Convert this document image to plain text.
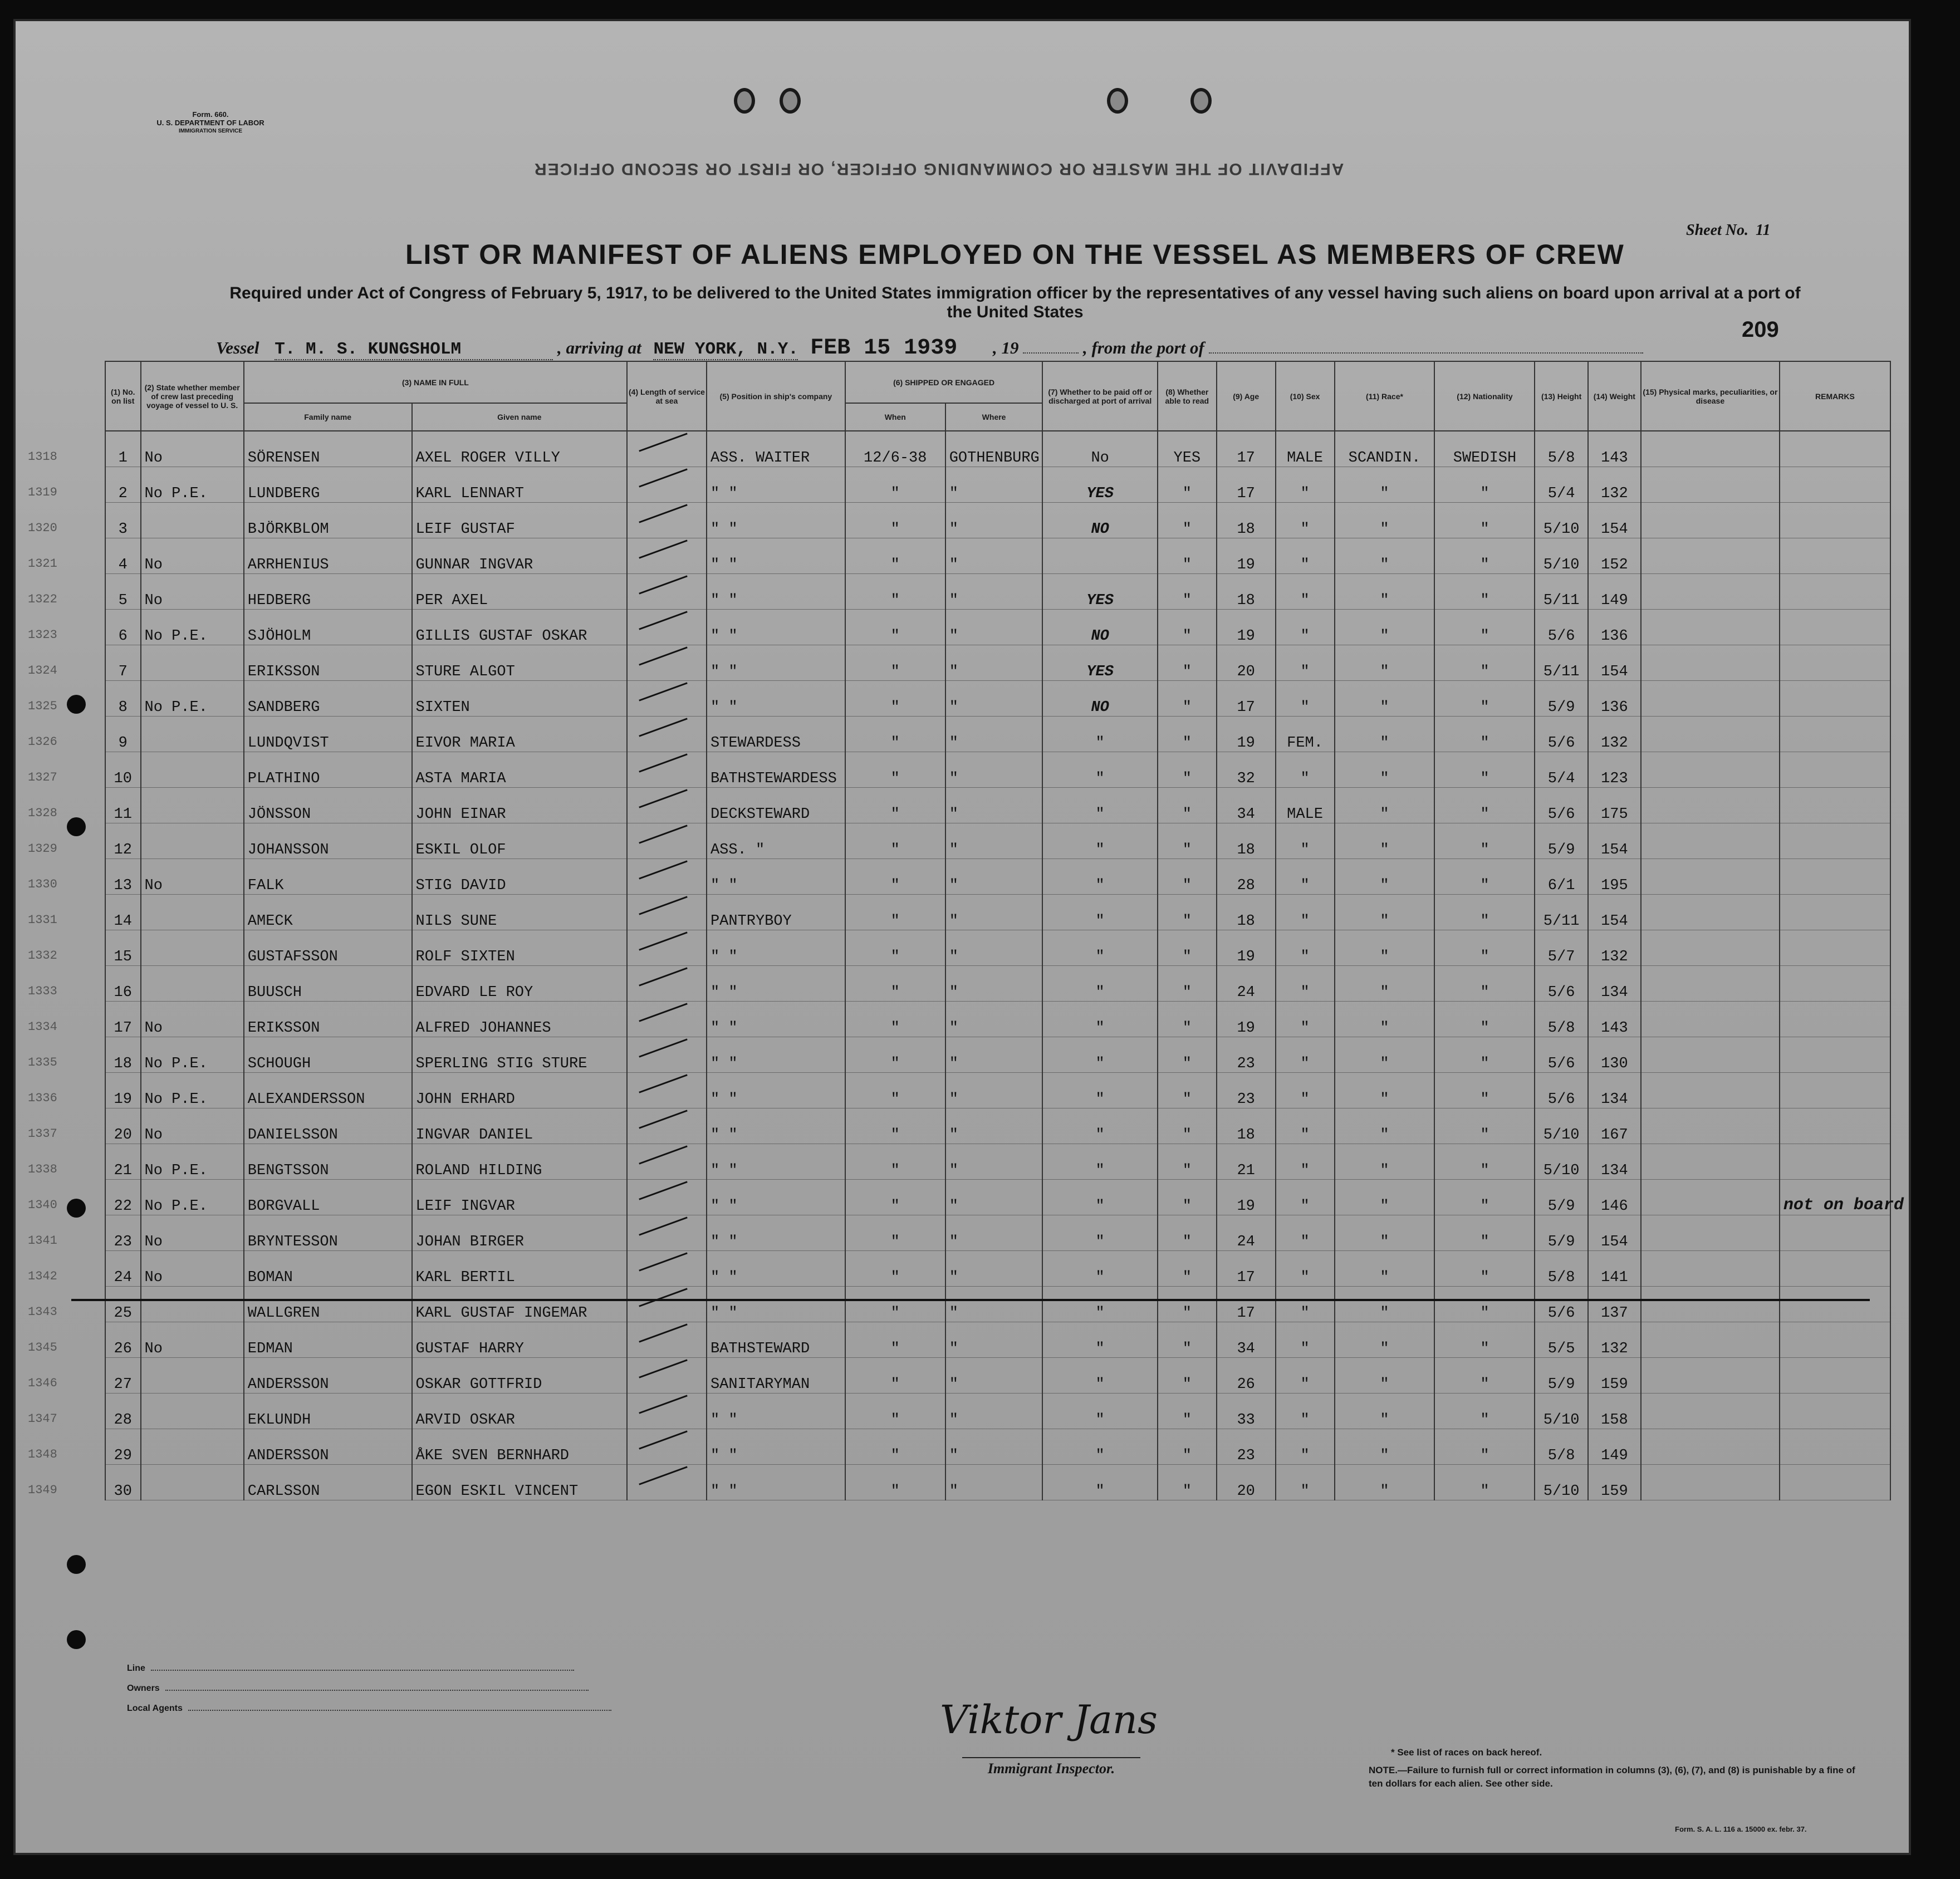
Form. 660.
U. S. DEPARTMENT OF LABOR
IMMIGRATION SERVICE
AFFIDAVIT OF THE MASTER OR COMMANDING OFFICER, OR FIRST OR SECOND OFFICER
Sheet No. 11
LIST OR MANIFEST OF ALIENS EMPLOYED ON THE VESSEL AS MEMBERS OF CREW
Required under Act of Congress of February 5, 1917, to be delivered to the United States immigration officer by the representatives of any vessel having such aliens on board upon arrival at a port of the United States
209
Vessel T. M. S. KUNGSHOLM	, arriving at NEW YORK, N.Y. FEB 15 1939 , 19	, from the port of
(1) No. on list	(2) State whether member of crew last preceding voyage of vessel to U. S.	(3) NAME IN FULL		(4) Length of service at sea	(5) Position in ship's company	(6) SHIPPED OR ENGAGED		(7) Whether to be paid off or discharged at port of arrival	(8) Whether able to read	(9) Age	(10) Sex	(11) Race*	(12) Nationality	(13) Height	(14) Weight	(15) Physical marks, peculiarities, or disease	REMARKS
		Family name	Given name			When	Where										

1318 1	No	SÖRENSEN	AXEL ROGER VILLY		ASS. WAITER	12/6-38	GOTHENBURG	No	YES	17	MALE	SCANDIN.	SWEDISH	5/8	143		

1319 2	No P.E.	LUNDBERG	KARL LENNART		" "	"	"	YES	"	17	"	"	"	5/4	132		

1320 3		BJÖRKBLOM	LEIF GUSTAF		" "	"	"	NO	"	18	"	"	"	5/10	154		

1321 4	No	ARRHENIUS	GUNNAR INGVAR		" "	"	"		"	19	"	"	"	5/10	152		

1322 5	No	HEDBERG	PER AXEL		" "	"	"	YES	"	18	"	"	"	5/11	149		

1323 6	No P.E.	SJÖHOLM	GILLIS GUSTAF OSKAR		" "	"	"	NO	"	19	"	"	"	5/6	136		

1324 7		ERIKSSON	STURE ALGOT		" "	"	"	YES	"	20	"	"	"	5/11	154		

1325 8	No P.E.	SANDBERG	SIXTEN		" "	"	"	NO	"	17	"	"	"	5/9	136		

1326 9		LUNDQVIST	EIVOR MARIA		STEWARDESS	"	"	"	"	19	FEM.	"	"	5/6	132		

1327 10		PLATHINO	ASTA MARIA		BATHSTEWARDESS	"	"	"	"	32	"	"	"	5/4	123		

1328 11		JÖNSSON	JOHN EINAR		DECKSTEWARD	"	"	"	"	34	MALE	"	"	5/6	175		

1329 12		JOHANSSON	ESKIL OLOF		ASS. "	"	"	"	"	18	"	"	"	5/9	154		

1330 13	No	FALK	STIG DAVID		" "	"	"	"	"	28	"	"	"	6/1	195		

1331 14		AMECK	NILS SUNE		PANTRYBOY	"	"	"	"	18	"	"	"	5/11	154		

1332 15		GUSTAFSSON	ROLF SIXTEN		" "	"	"	"	"	19	"	"	"	5/7	132		

1333 16		BUUSCH	EDVARD LE ROY		" "	"	"	"	"	24	"	"	"	5/6	134		

1334 17	No	ERIKSSON	ALFRED JOHANNES		" "	"	"	"	"	19	"	"	"	5/8	143		

1335 18	No P.E.	SCHOUGH	SPERLING STIG STURE		" "	"	"	"	"	23	"	"	"	5/6	130		

1336 19	No P.E.	ALEXANDERSSON	JOHN ERHARD		" "	"	"	"	"	23	"	"	"	5/6	134		

1337 20	No	DANIELSSON	INGVAR DANIEL		" "	"	"	"	"	18	"	"	"	5/10	167		

1338 21	No P.E.	BENGTSSON	ROLAND HILDING		" "	"	"	"	"	21	"	"	"	5/10	134		

1340 22	No P.E.	BORGVALL	LEIF INGVAR		" "	"	"	"	"	19	"	"	"	5/9	146		not on board

1341 23	No	BRYNTESSON	JOHAN BIRGER		" "	"	"	"	"	24	"	"	"	5/9	154		

1342 24	No	BOMAN	KARL BERTIL		" "	"	"	"	"	17	"	"	"	5/8	141		

1343 25		WALLGREN	KARL GUSTAF INGEMAR		" "	"	"	"	"	17	"	"	"	5/6	137		

1345 26	No	EDMAN	GUSTAF HARRY		BATHSTEWARD	"	"	"	"	34	"	"	"	5/5	132		

1346 27		ANDERSSON	OSKAR GOTTFRID		SANITARYMAN	"	"	"	"	26	"	"	"	5/9	159		

1347 28		EKLUNDH	ARVID OSKAR		" "	"	"	"	"	33	"	"	"	5/10	158		

1348 29		ANDERSSON	ÅKE SVEN BERNHARD		" "	"	"	"	"	23	"	"	"	5/8	149		

1349 30		CARLSSON	EGON ESKIL VINCENT		" "	"	"	"	"	20	"	"	"	5/10	159		
Line
Owners
Local Agents	Viktor Jans
Immigrant Inspector.
* See list of races on back hereof.
NOTE.—Failure to furnish full or correct information in columns (3), (6), (7), and (8) is punishable by a fine of ten dollars for each alien. See other side.
Form. S. A. L. 116 a. 15000 ex. febr. 37.
